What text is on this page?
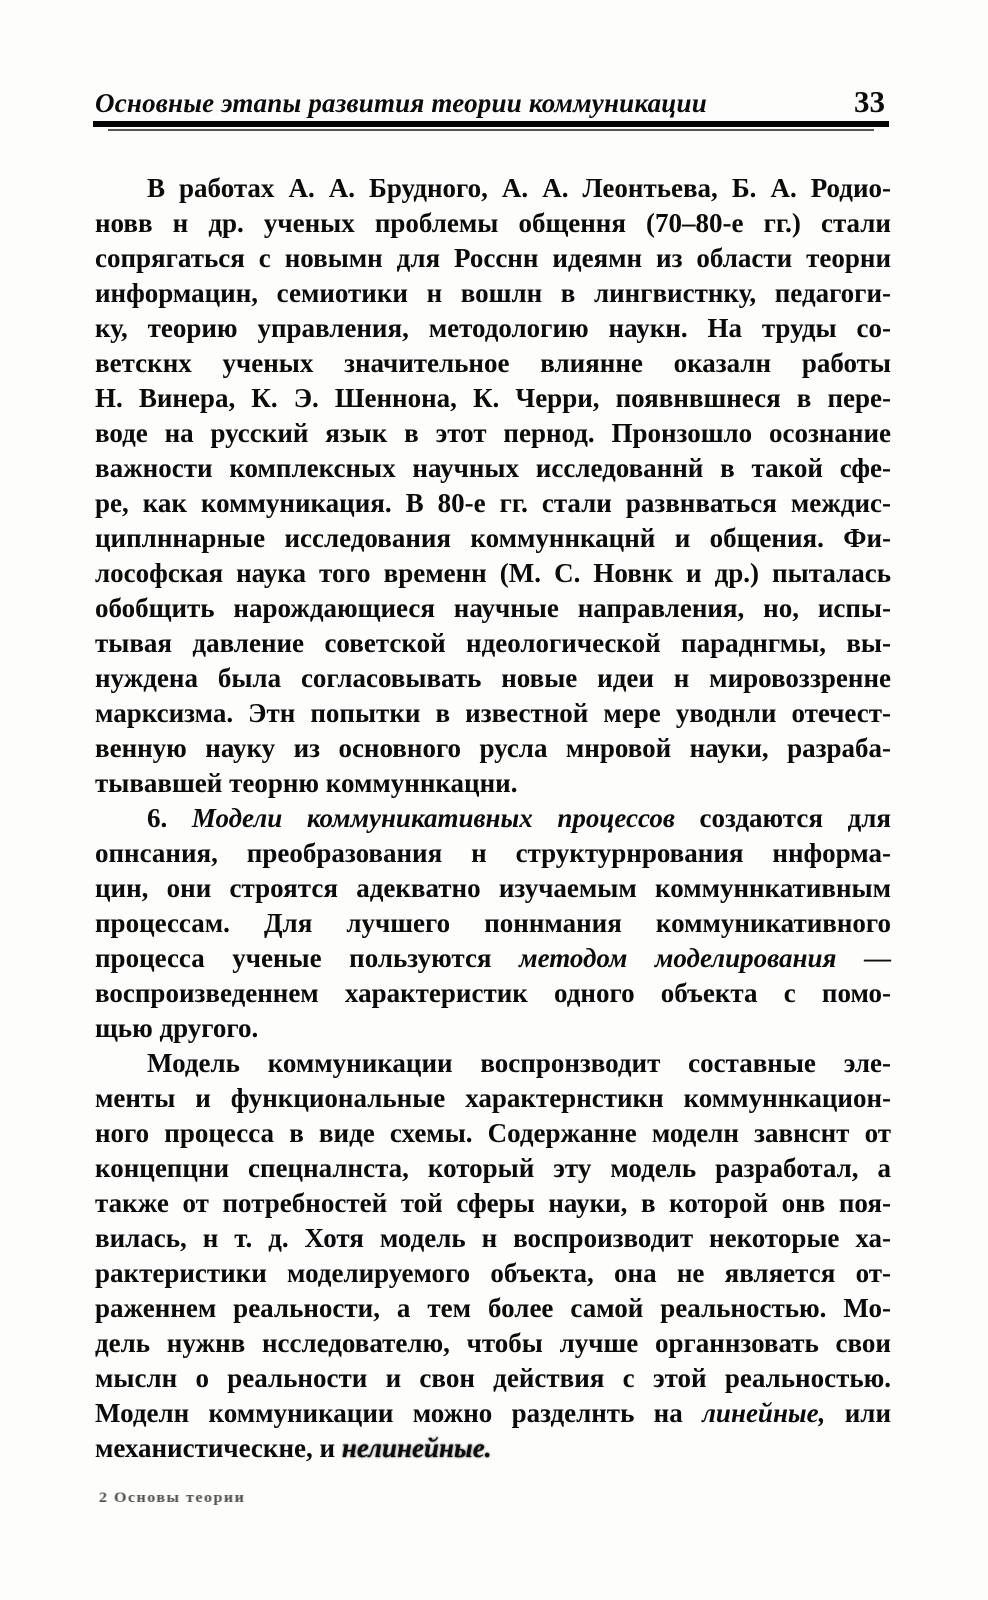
Основные этапы развития теории коммуникации	33
В работах А. А. Брудного, А. А. Леонтьева, Б. А. Родио-
новв н др. ученых проблемы общення (70–80-е гг.) стали
сопрягаться с новымн для Росснн идеямн из области теорни
информацин, семиотики н вошлн в лингвистнку, педагоги-
ку, теорию управления, методологию наукн. На труды со-
ветскнх ученых значительное влиянне оказалн работы
Н. Винера, К. Э. Шеннона, К. Черри, появнвшнеся в пере-
воде на русский язык в этот пернод. Пронзошло осознание
важности комплексных научных исследованнй в такой сфе-
ре, как коммуникация. В 80-е гг. стали развнваться междис-
циплннарные исследования коммуннкацнй и общения. Фи-
лософская наука того временн (М. С. Новнк и др.) пыталась
обобщить нарождающиеся научные направления, но, испы-
тывая давление советской ндеологической параднгмы, вы-
нуждена была согласовывать новые идеи н мировоззренне
марксизма. Этн попытки в известной мере уводнли отечест-
венную науку из основного русла мнровой науки, разраба-
тывавшей теорню коммуннкацни.
6. Модели коммуникативных процессов создаются для
опнсания, преобразования н структурнрования ннформа-
цин, они строятся адекватно изучаемым коммуннкативным
процессам. Для лучшего поннмания коммуникативного
процесса ученые пользуются методом моделирования —
воспроизведеннем характеристик одного объекта с помо-
щью другого.
Модель коммуникации воспронзводит составные эле-
менты и функциональные характернстикн коммуннкацион-
ного процесса в виде схемы. Содержанне моделн завнснт от
концепцни спецналнста, который эту модель разработал, а
также от потребностей той сферы науки, в которой онв поя-
вилась, н т. д. Хотя модель н воспроизводит некоторые ха-
рактеристики моделируемого объекта, она не является от-
раженнем реальности, а тем более самой реальностью. Мо-
дель нужнв нсследователю, чтобы лучше органнзовать свои
мыслн о реальности и свон действия с этой реальностью.
Моделн коммуникации можно разделнть на линейные, или
механистическне, и нелинейные.
2 Основы теории
